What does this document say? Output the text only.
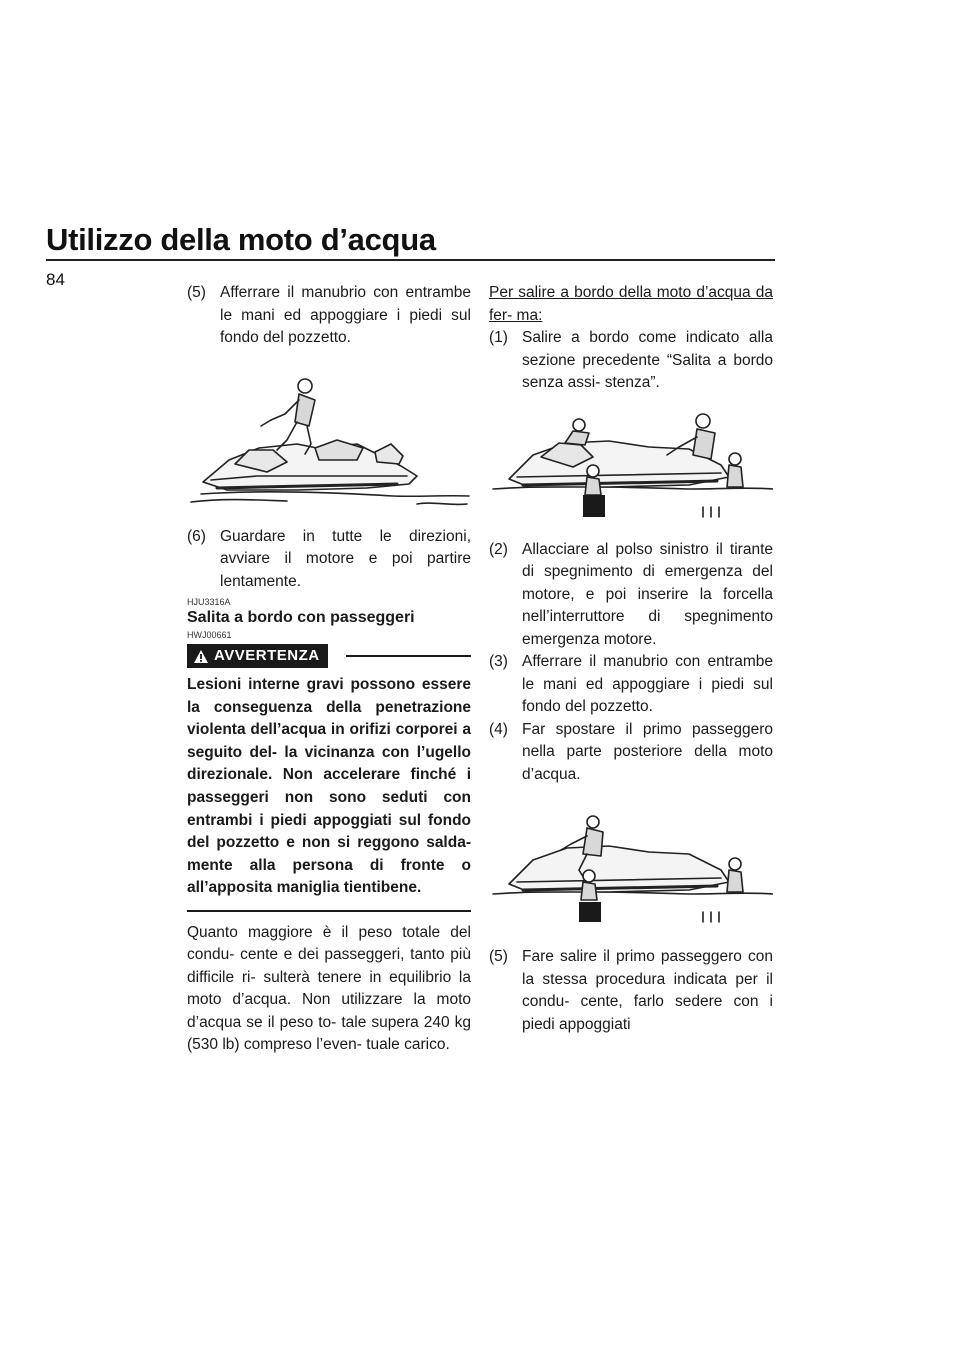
Utilizzo della moto d’acqua
84
(5) Afferrare il manubrio con entrambe le mani ed appoggiare i piedi sul fondo del pozzetto.
(6) Guardare in tutte le direzioni, avviare il motore e poi partire lentamente.
HJU3316A
Salita a bordo con passeggeri
HWJ00661
AVVERTENZA
Lesioni interne gravi possono essere la conseguenza della penetrazione violenta dell’acqua in orifizi corporei a seguito del- la vicinanza con l’ugello direzionale. Non accelerare finché i passeggeri non sono seduti con entrambi i piedi appoggiati sul fondo del pozzetto e non si reggono salda- mente alla persona di fronte o all’apposita maniglia tientibene.
Quanto maggiore è il peso totale del condu- cente e dei passeggeri, tanto più difficile ri- sulterà tenere in equilibrio la moto d’acqua. Non utilizzare la moto d’acqua se il peso to- tale supera 240 kg (530 lb) compreso l’even- tuale carico.
Per salire a bordo della moto d’acqua da fer- ma:
(1) Salire a bordo come indicato alla sezione precedente “Salita a bordo senza assi- stenza”.
(2) Allacciare al polso sinistro il tirante di spegnimento di emergenza del motore, e poi inserire la forcella nell’interruttore di spegnimento emergenza motore.
(3) Afferrare il manubrio con entrambe le mani ed appoggiare i piedi sul fondo del pozzetto.
(4) Far spostare il primo passeggero nella parte posteriore della moto d’acqua.
(5) Fare salire il primo passeggero con la stessa procedura indicata per il condu- cente, farlo sedere con i piedi appoggiati
